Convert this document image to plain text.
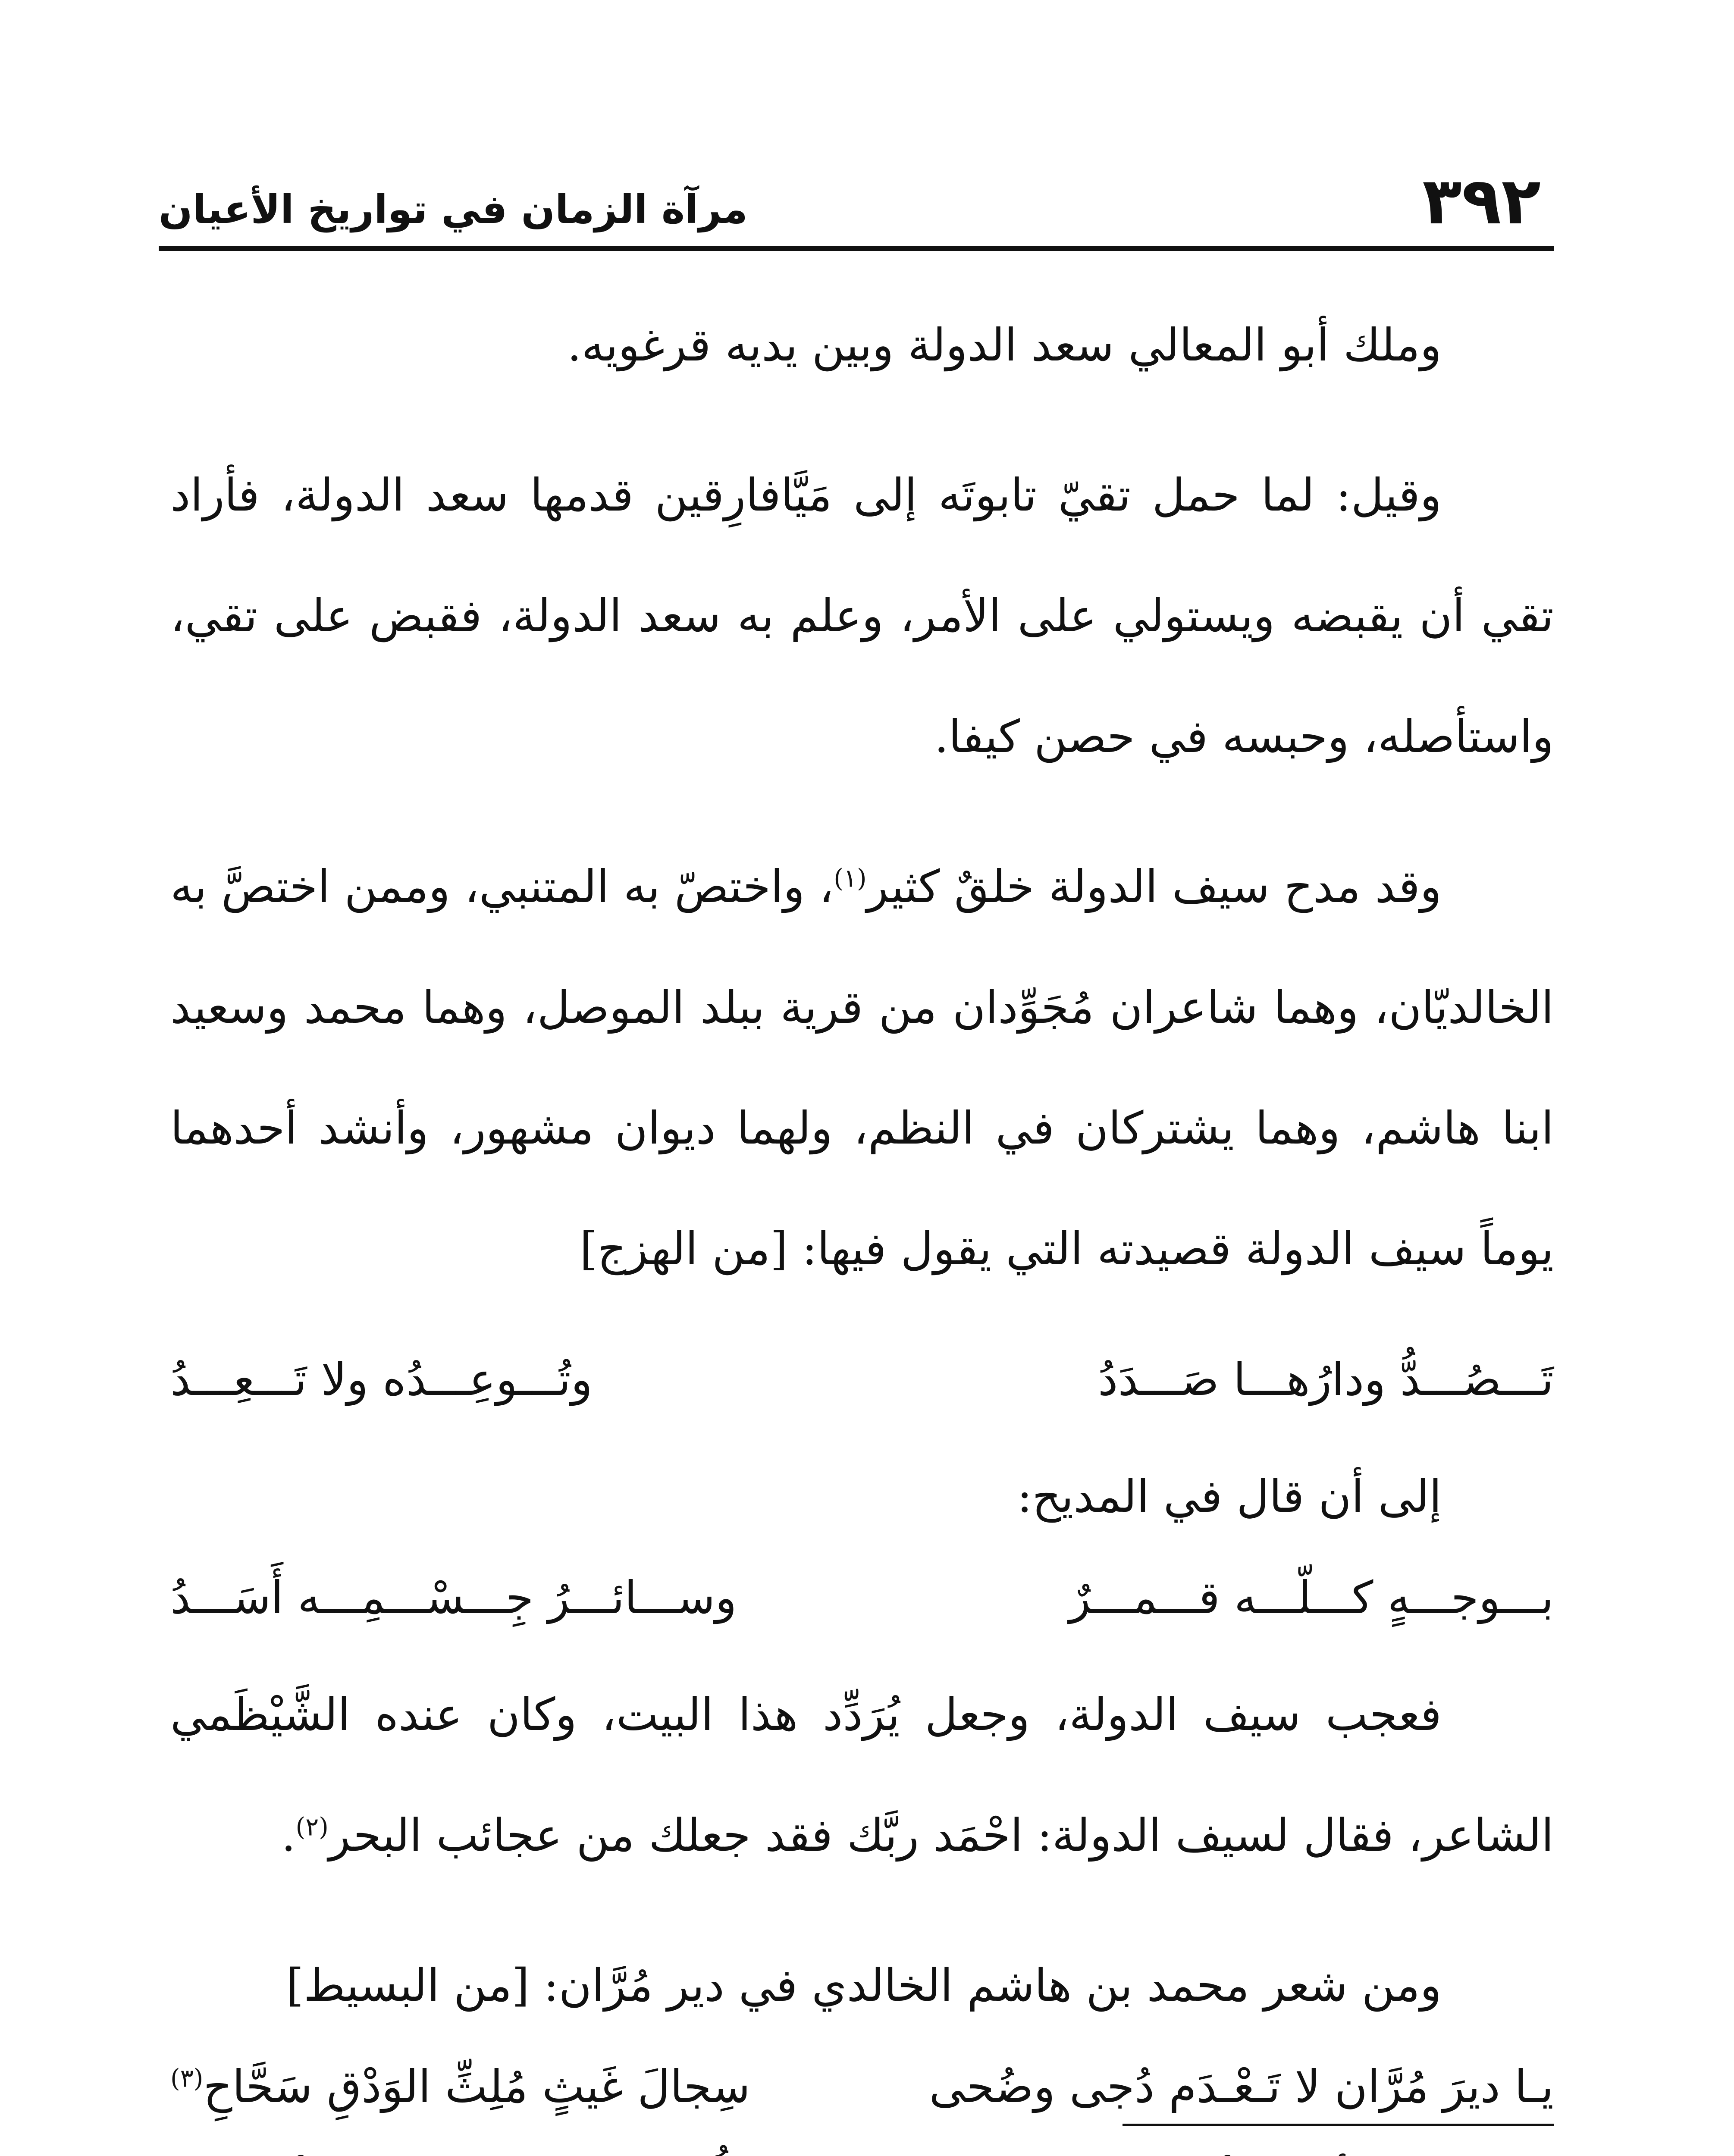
٣٩٢
مرآة الزمان في تواريخ الأعيان

وملك أبو المعالي سعد الدولة وبين يديه قرغويه.

وقيل: لما حمل تقيّ تابوتَه إلى مَيَّافارِقين قدمها سعد الدولة، فأراد تقي أن يقبضه ويستولي على الأمر، وعلم به سعد الدولة، فقبض على تقي، واستأصله، وحبسه في حصن كيفا.

وقد مدح سيف الدولة خلقٌ كثير$^{(١)}$، واختصّ به المتنبي، وممن اختصَّ به الخالديّان، وهما شاعران مُجَوِّدان من قرية ببلد الموصل، وهما محمد وسعيد ابنا هاشم، وهما يشتركان في النظم، ولهما ديوان مشهور، وأنشد أحدهما يوماً سيف الدولة قصيدته التي يقول فيها: [من الهزج]

تَـــصُـــدُّ ودارُهـــا صَـــدَدُ
وتُـــوعِـــدُه ولا تَـــعِـــدُ

إلى أن قال في المديح:

بـــوجـــهٍ كـــلّـــه قـــمـــرٌ
وســـائـــرُ جِـــسْـــمِـــه أَسَـــدُ

فعجب سيف الدولة، وجعل يُرَدِّد هذا البيت، وكان عنده الشَّيْظَمي الشاعر، فقال لسيف الدولة: احْمَد ربَّك فقد جعلك من عجائب البحر$^{(٢)}$.

ومن شعر محمد بن هاشم الخالدي في دير مُرَّان: [من البسيط]

يـا ديرَ مُرَّان لا تَـعْـدَم دُجى وضُحى
سِجالَ غَيثٍ مُلِثِّ الوَدْقِ سَحَّاحِ$^{(٣)}$
